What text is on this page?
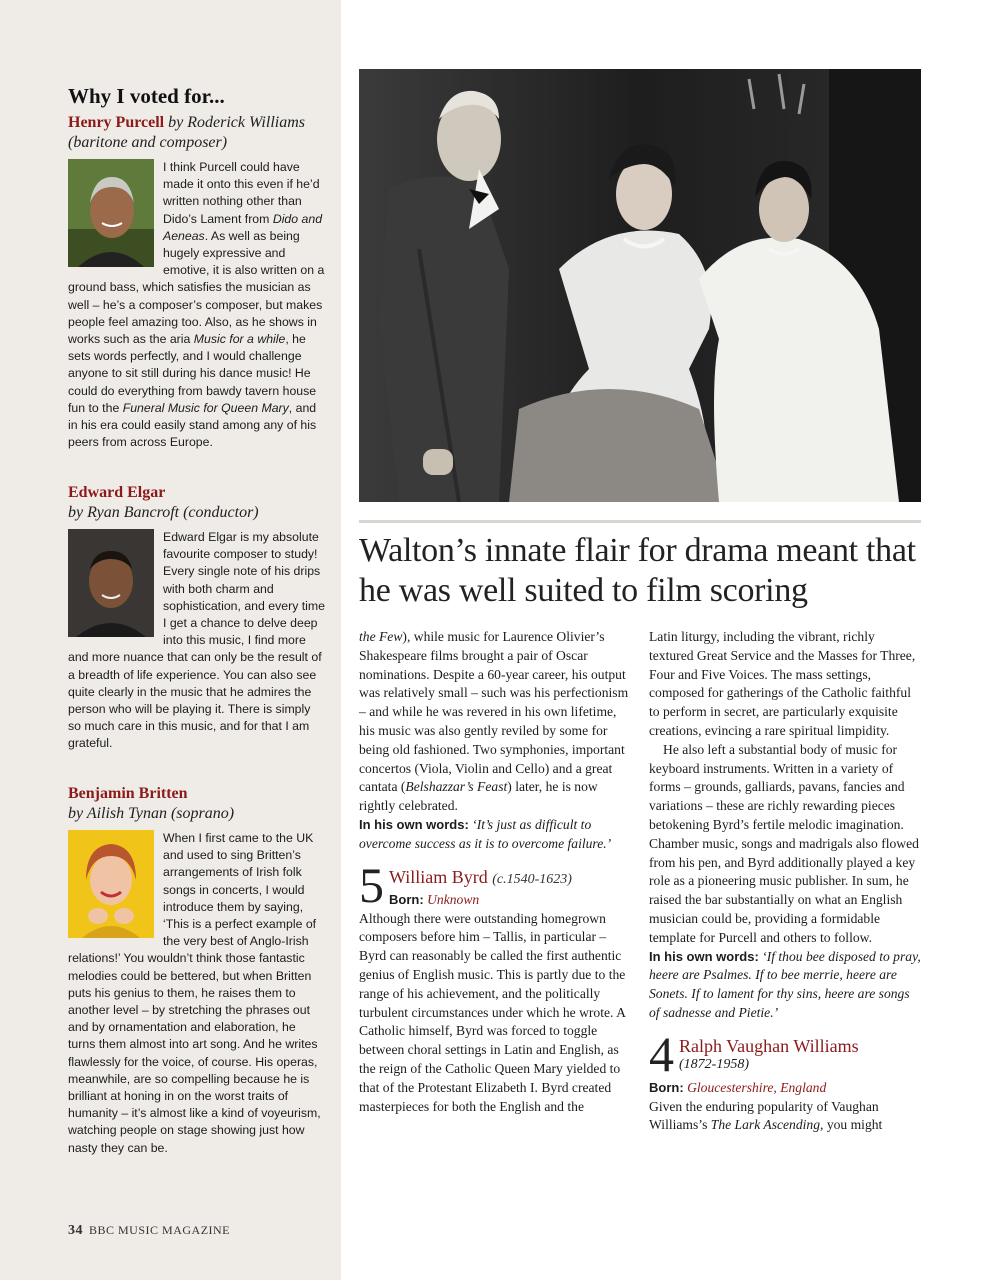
Why I voted for...
Henry Purcell by Roderick Williams (baritone and composer)
I think Purcell could have made it onto this even if he’d written nothing other than Dido’s Lament from Dido and Aeneas. As well as being hugely expressive and emotive, it is also written on a ground bass, which satisfies the musician as well – he’s a composer’s composer, but makes people feel amazing too. Also, as he shows in works such as the aria Music for a while, he sets words perfectly, and I would challenge anyone to sit still during his dance music! He could do everything from bawdy tavern house fun to the Funeral Music for Queen Mary, and in his era could easily stand among any of his peers from across Europe.
Edward Elgar
by Ryan Bancroft (conductor)
Edward Elgar is my absolute favourite composer to study! Every single note of his drips with both charm and sophistication, and every time I get a chance to delve deep into this music, I find more and more nuance that can only be the result of a breadth of life experience. You can also see quite clearly in the music that he admires the person who will be playing it. There is simply so much care in this music, and for that I am grateful.
Benjamin Britten
by Ailish Tynan (soprano)
When I first came to the UK and used to sing Britten’s arrangements of Irish folk songs in concerts, I would introduce them by saying, ‘This is a perfect example of the very best of Anglo-Irish relations!’ You wouldn’t think those fantastic melodies could be bettered, but when Britten puts his genius to them, he raises them to another level – by stretching the phrases out and by ornamentation and elaboration, he turns them almost into art song. And he writes flawlessly for the voice, of course. His operas, meanwhile, are so compelling because he is brilliant at honing in on the worst traits of humanity – it’s almost like a kind of voyeurism, watching people on stage showing just how nasty they can be.
34 BBC MUSIC MAGAZINE
Walton’s innate flair for drama meant that he was well suited to film scoring

the Few), while music for Laurence Olivier’s Shakespeare films brought a pair of Oscar nominations. Despite a 60-year career, his output was relatively small – such was his perfectionism – and while he was revered in his own lifetime, his music was also gently reviled by some for being old fashioned. Two symphonies, important concertos (Viola, Violin and Cello) and a great cantata (Belshazzar’s Feast) later, he is now rightly celebrated.

In his own words: ‘It’s just as difficult to overcome success as it is to overcome failure.’

5 William Byrd (c.1540-1623)
Born: Unknown

Although there were outstanding homegrown composers before him – Tallis, in particular –Byrd can reasonably be called the first authentic genius of English music. This is partly due to the range of his achievement, and the politically turbulent circumstances under which he wrote. A Catholic himself, Byrd was forced to toggle between choral settings in Latin and English, as the reign of the Catholic Queen Mary yielded to that of the Protestant Elizabeth I. Byrd created masterpieces for both the English and the

Latin liturgy, including the vibrant, richly textured Great Service and the Masses for Three, Four and Five Voices. The mass settings, composed for gatherings of the Catholic faithful to perform in secret, are particularly exquisite creations, evincing a rare spiritual limpidity.

He also left a substantial body of music for keyboard instruments. Written in a variety of forms – grounds, galliards, pavans, fancies and variations – these are richly rewarding pieces betokening Byrd’s fertile melodic imagination. Chamber music, songs and madrigals also flowed from his pen, and Byrd additionally played a key role as a pioneering music publisher. In sum, he raised the bar substantially on what an English musician could be, providing a formidable template for Purcell and others to follow.

In his own words: ‘If thou bee disposed to pray, heere are Psalmes. If to bee merrie, heere are Sonets. If to lament for thy sins, heere are songs of sadnesse and Pietie.’

4 Ralph Vaughan Williams
(1872-1958)
Born: Gloucestershire, England

Given the enduring popularity of Vaughan Williams’s The Lark Ascending, you might
